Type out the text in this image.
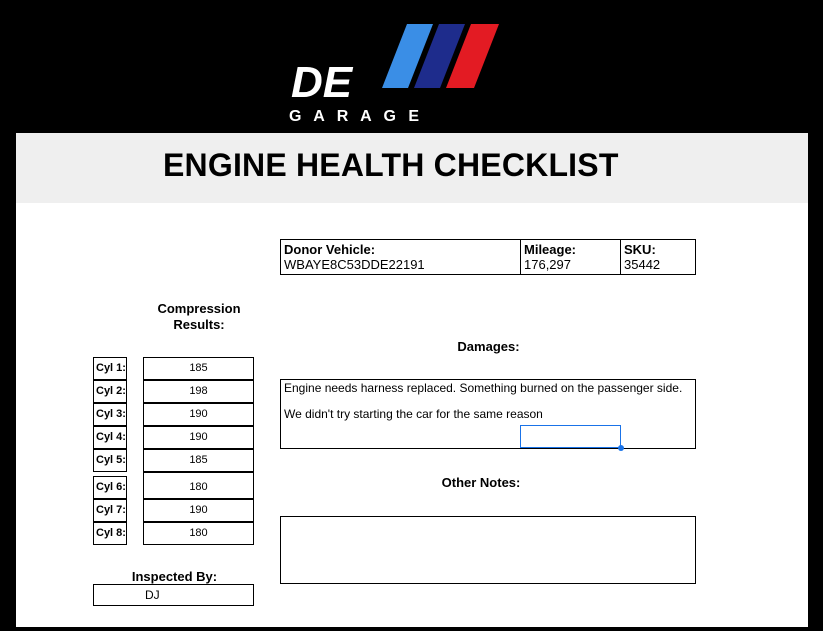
DE
G A R A G E
ENGINE HEALTH CHECKLIST
Donor Vehicle:
WBAYE8C53DDE22191

Mileage:
176,297

SKU:
35442
Compression
Results:
Cyl 1:	185
Cyl 2:	198
Cyl 3:	190
Cyl 4:	190
Cyl 5:	185
Cyl 6:	180
Cyl 7:	190
Cyl 8:	180
Damages:
Engine needs harness replaced. Something burned on the passenger side.
We didn't try starting the car for the same reason
Other Notes:
Inspected By:
DJ
